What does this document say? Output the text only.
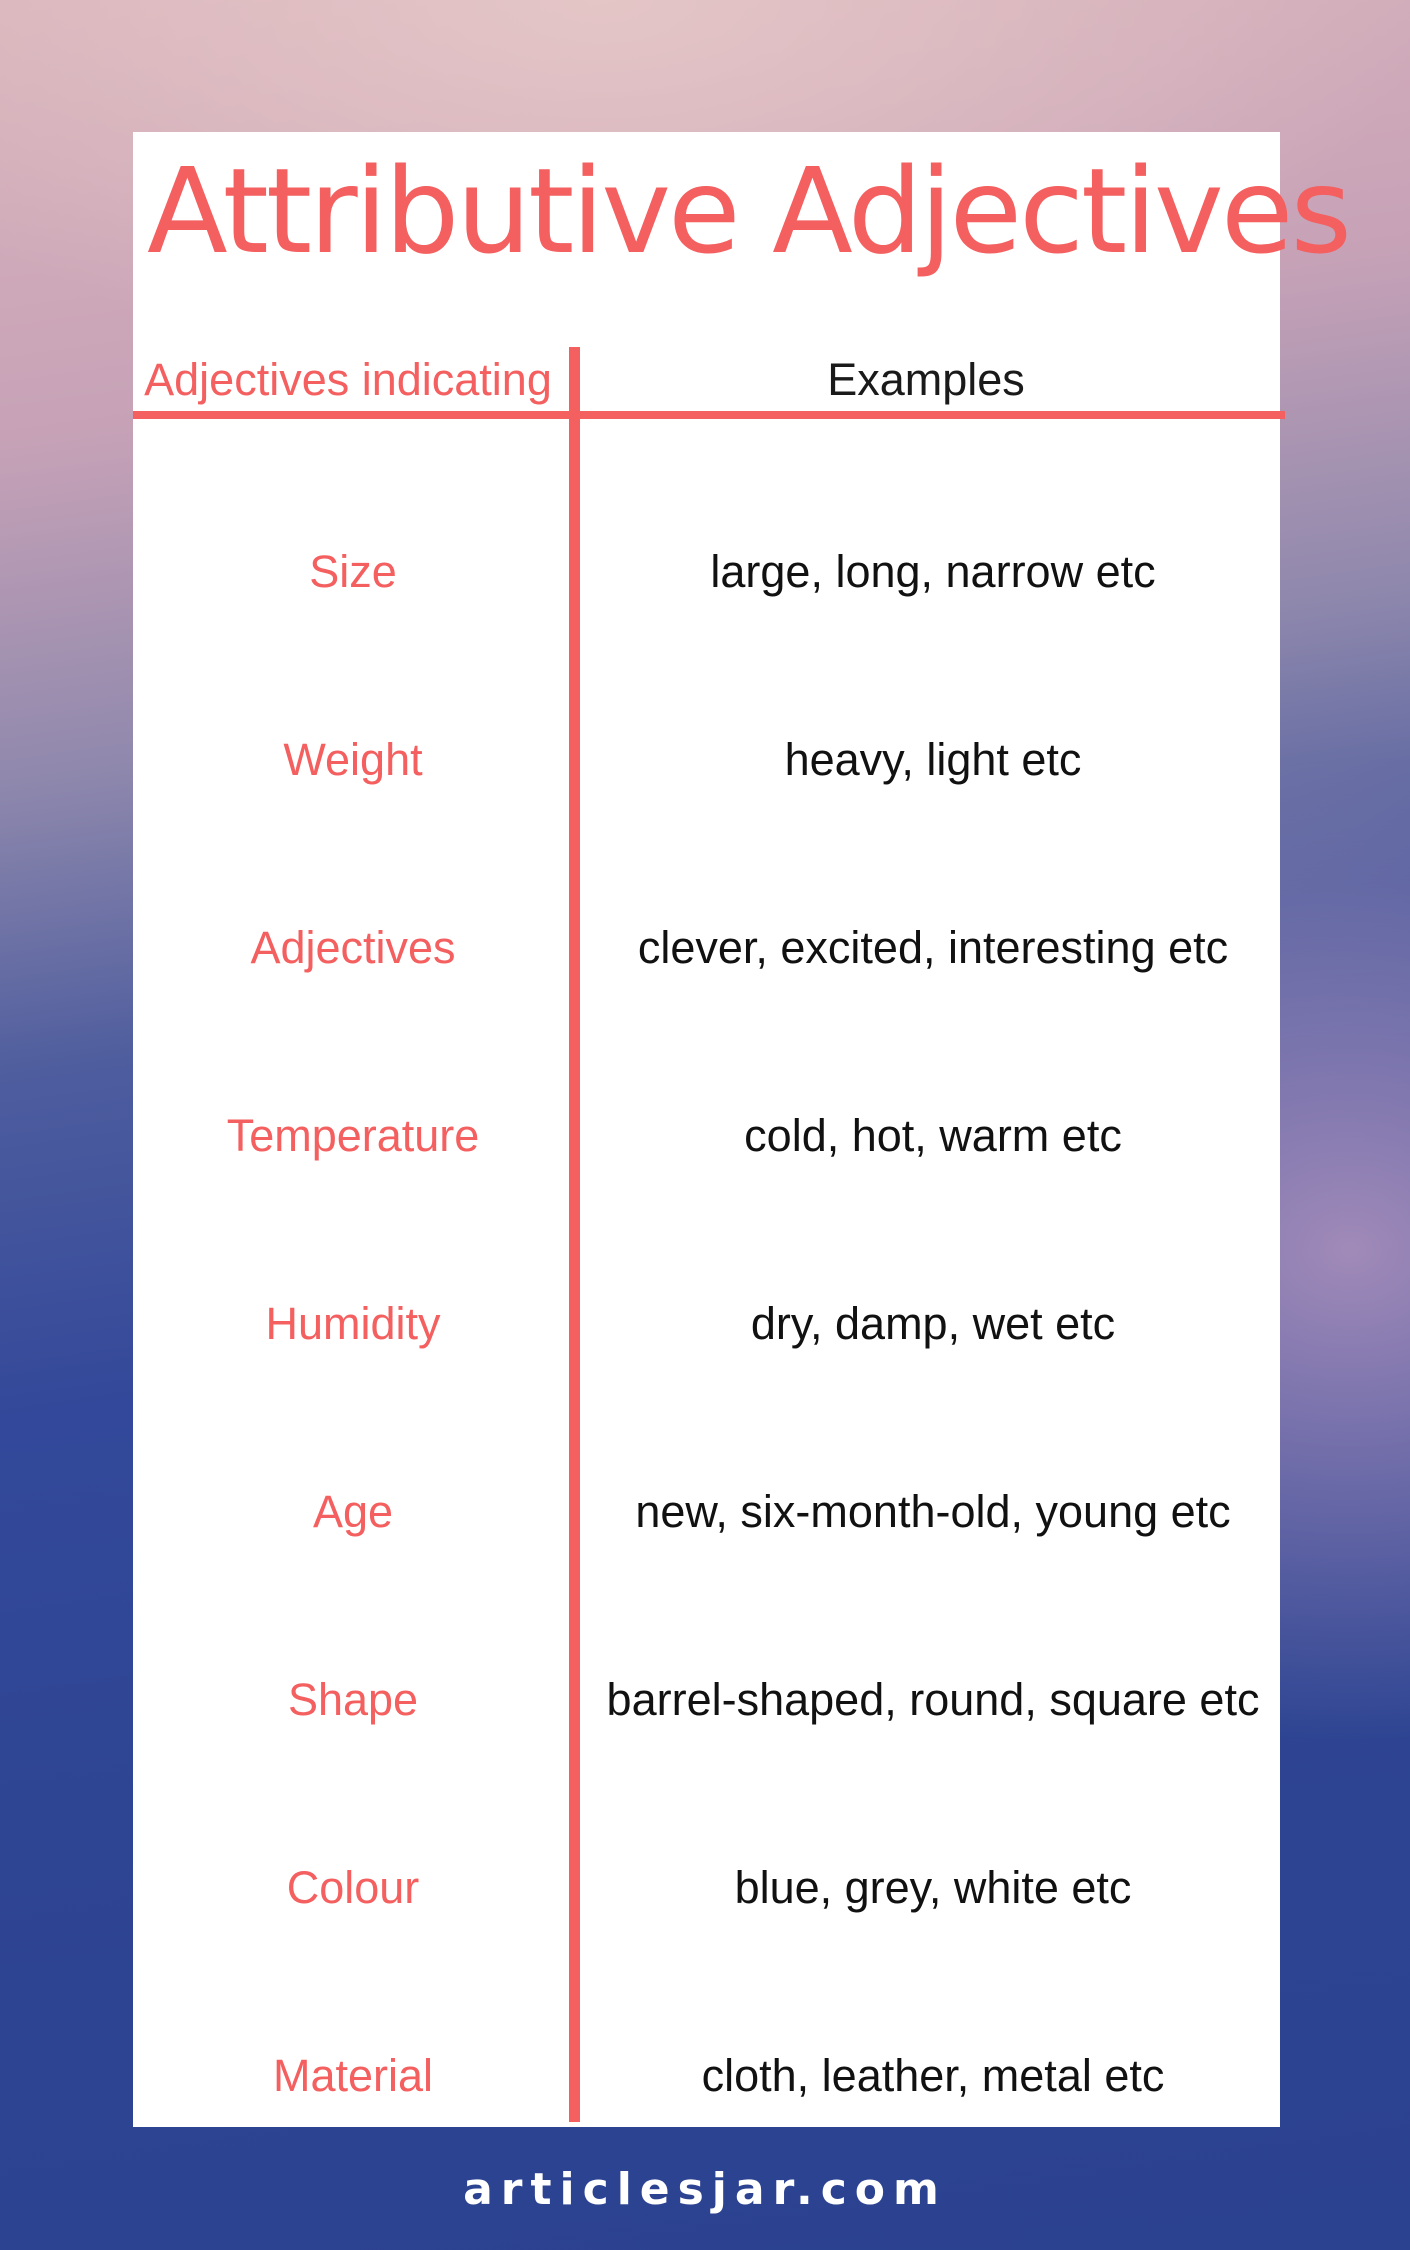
Attributive Adjectives
Adjectives indicating	Examples
Size	large, long, narrow etc
Weight	heavy, light etc
Adjectives	clever, excited, interesting etc
Temperature	cold, hot, warm etc
Humidity	dry, damp, wet etc
Age	new, six-month-old, young etc
Shape	barrel-shaped, round, square etc
Colour	blue, grey, white etc
Material	cloth, leather, metal etc
articlesjar.com
